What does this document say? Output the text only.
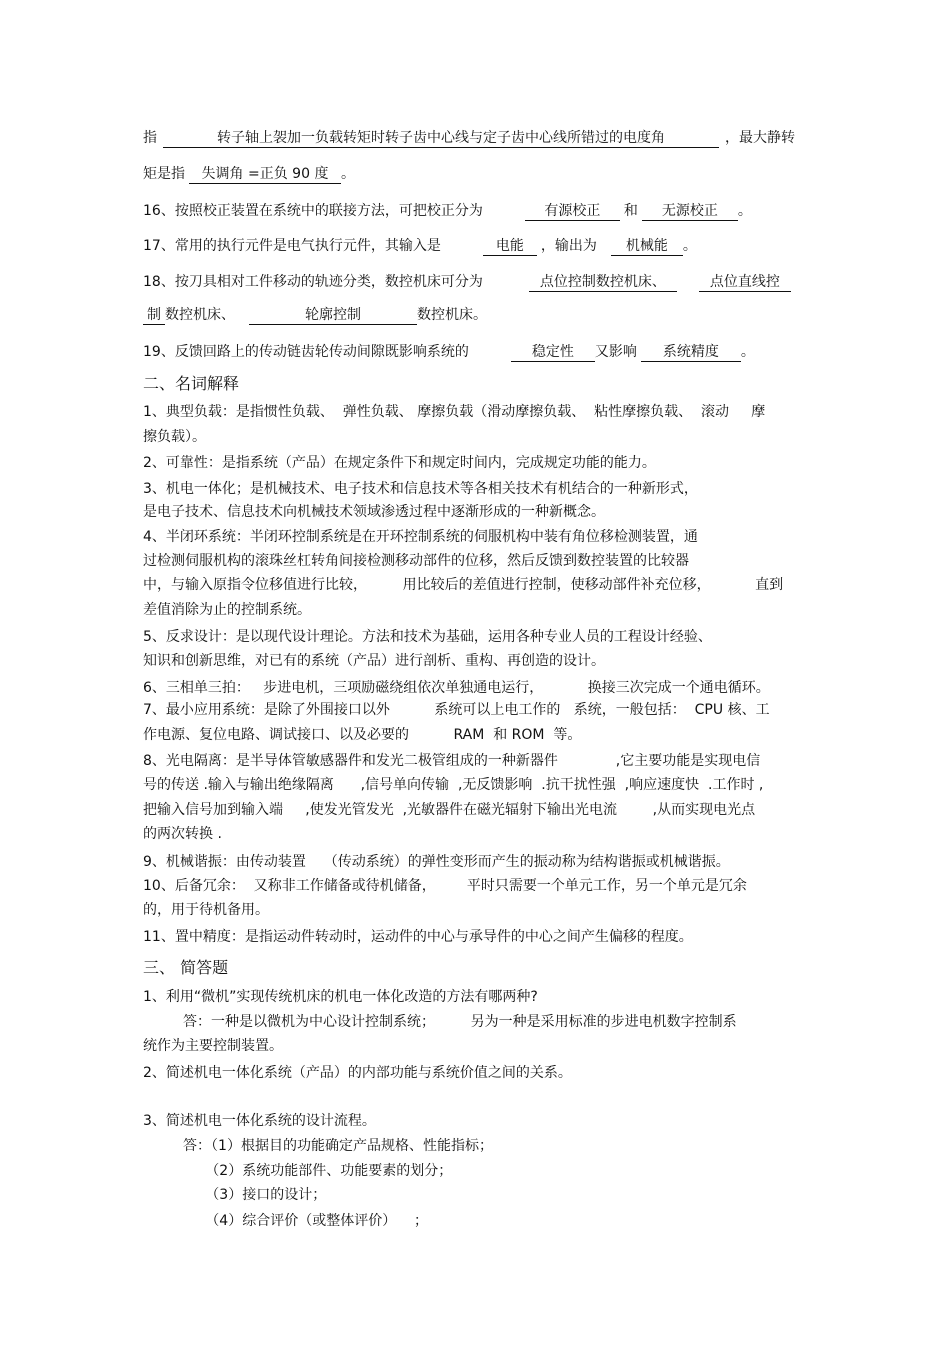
指	转子轴上袈加一负载转矩时转子齿中心线与定子齿中心线所错过的电度角	，最大静转
矩是指 失调角 =正负 90 度 。
16、按照校正装置在系统中的联接方法，可把校正分为	有源校正 和 无源校正 。
17、常用的执行元件是电气执行元件，其输入是	电能 ，输出为 机械能 。
18、按刀具相对工件移动的轨迹分类，数控机床可分为	点位控制数控机床、	点位直线控
制 数控机床、	轮廓控制	数控机床。
19、反馈回路上的传动链齿轮传动间隙既影响系统的	稳定性 又影响 系统精度 。
二、名词解释
1、典型负载：是指惯性负载、  弹性负载、 摩擦负载（滑动摩擦负载、  粘性摩擦负载、  滚动     摩
擦负载）。
2、可靠性：是指系统（产品）在规定条件下和规定时间内，完成规定功能的能力。
3、机电一体化；是机械技术、电子技术和信息技术等各相关技术有机结合的一种新形式，
是电子技术、信息技术向机械技术领域渗透过程中逐渐形成的一种新概念。
4、半闭环系统：半闭环控制系统是在开环控制系统的伺服机构中装有角位移检测装置，通
过检测伺服机构的滚珠丝杠转角间接检测移动部件的位移，然后反馈到数控装置的比较器
中，与输入原指令位移值进行比较，        用比较后的差值进行控制，使移动部件补充位移，          直到
差值消除为止的控制系统。
5、反求设计：是以现代设计理论。方法和技术为基础，运用各种专业人员的工程设计经验、
知识和创新思维，对已有的系统（产品）进行剖析、重构、再创造的设计。
6、三相单三拍：   步进电机，三项励磁绕组依次单独通电运行，          换接三次完成一个通电循环。
7、最小应用系统：是除了外围接口以外          系统可以上电工作的   系统，一般包括：  CPU 核、工
作电源、复位电路、调试接口、以及必要的          RAM  和 ROM  等。
8、光电隔离：是半导体管敏感器件和发光二极管组成的一种新器件             ,它主要功能是实现电信
号的传送 .输入与输出绝缘隔离      ,信号单向传输  ,无反馈影响  .抗干扰性强  ,响应速度快  .工作时 ,
把输入信号加到输入端     ,使发光管发光  ,光敏器件在磁光辐射下输出光电流        ,从而实现电光点
的两次转换 .
9、机械谐振：由传动装置    （传动系统）的弹性变形而产生的振动称为结构谐振或机械谐振。
10、后备冗余：  又称非工作储备或待机储备，       平时只需要一个单元工作，另一个单元是冗余
的，用于待机备用。
11、置中精度：是指运动件转动时，运动件的中心与承导件的中心之间产生偏移的程度。
三、 简答题
1、利用“微机”实现传统机床的机电一体化改造的方法有哪两种?
答：一种是以微机为中心设计控制系统；        另为一种是采用标准的步进电机数字控制系
统作为主要控制装置。
2、简述机电一体化系统（产品）的内部功能与系统价值之间的关系。
3、简述机电一体化系统的设计流程。
答：（1）根据目的功能确定产品规格、性能指标；
（2）系统功能部件、功能要素的划分；
（3）接口的设计；
（4）综合评价（或整体评价）    ；
